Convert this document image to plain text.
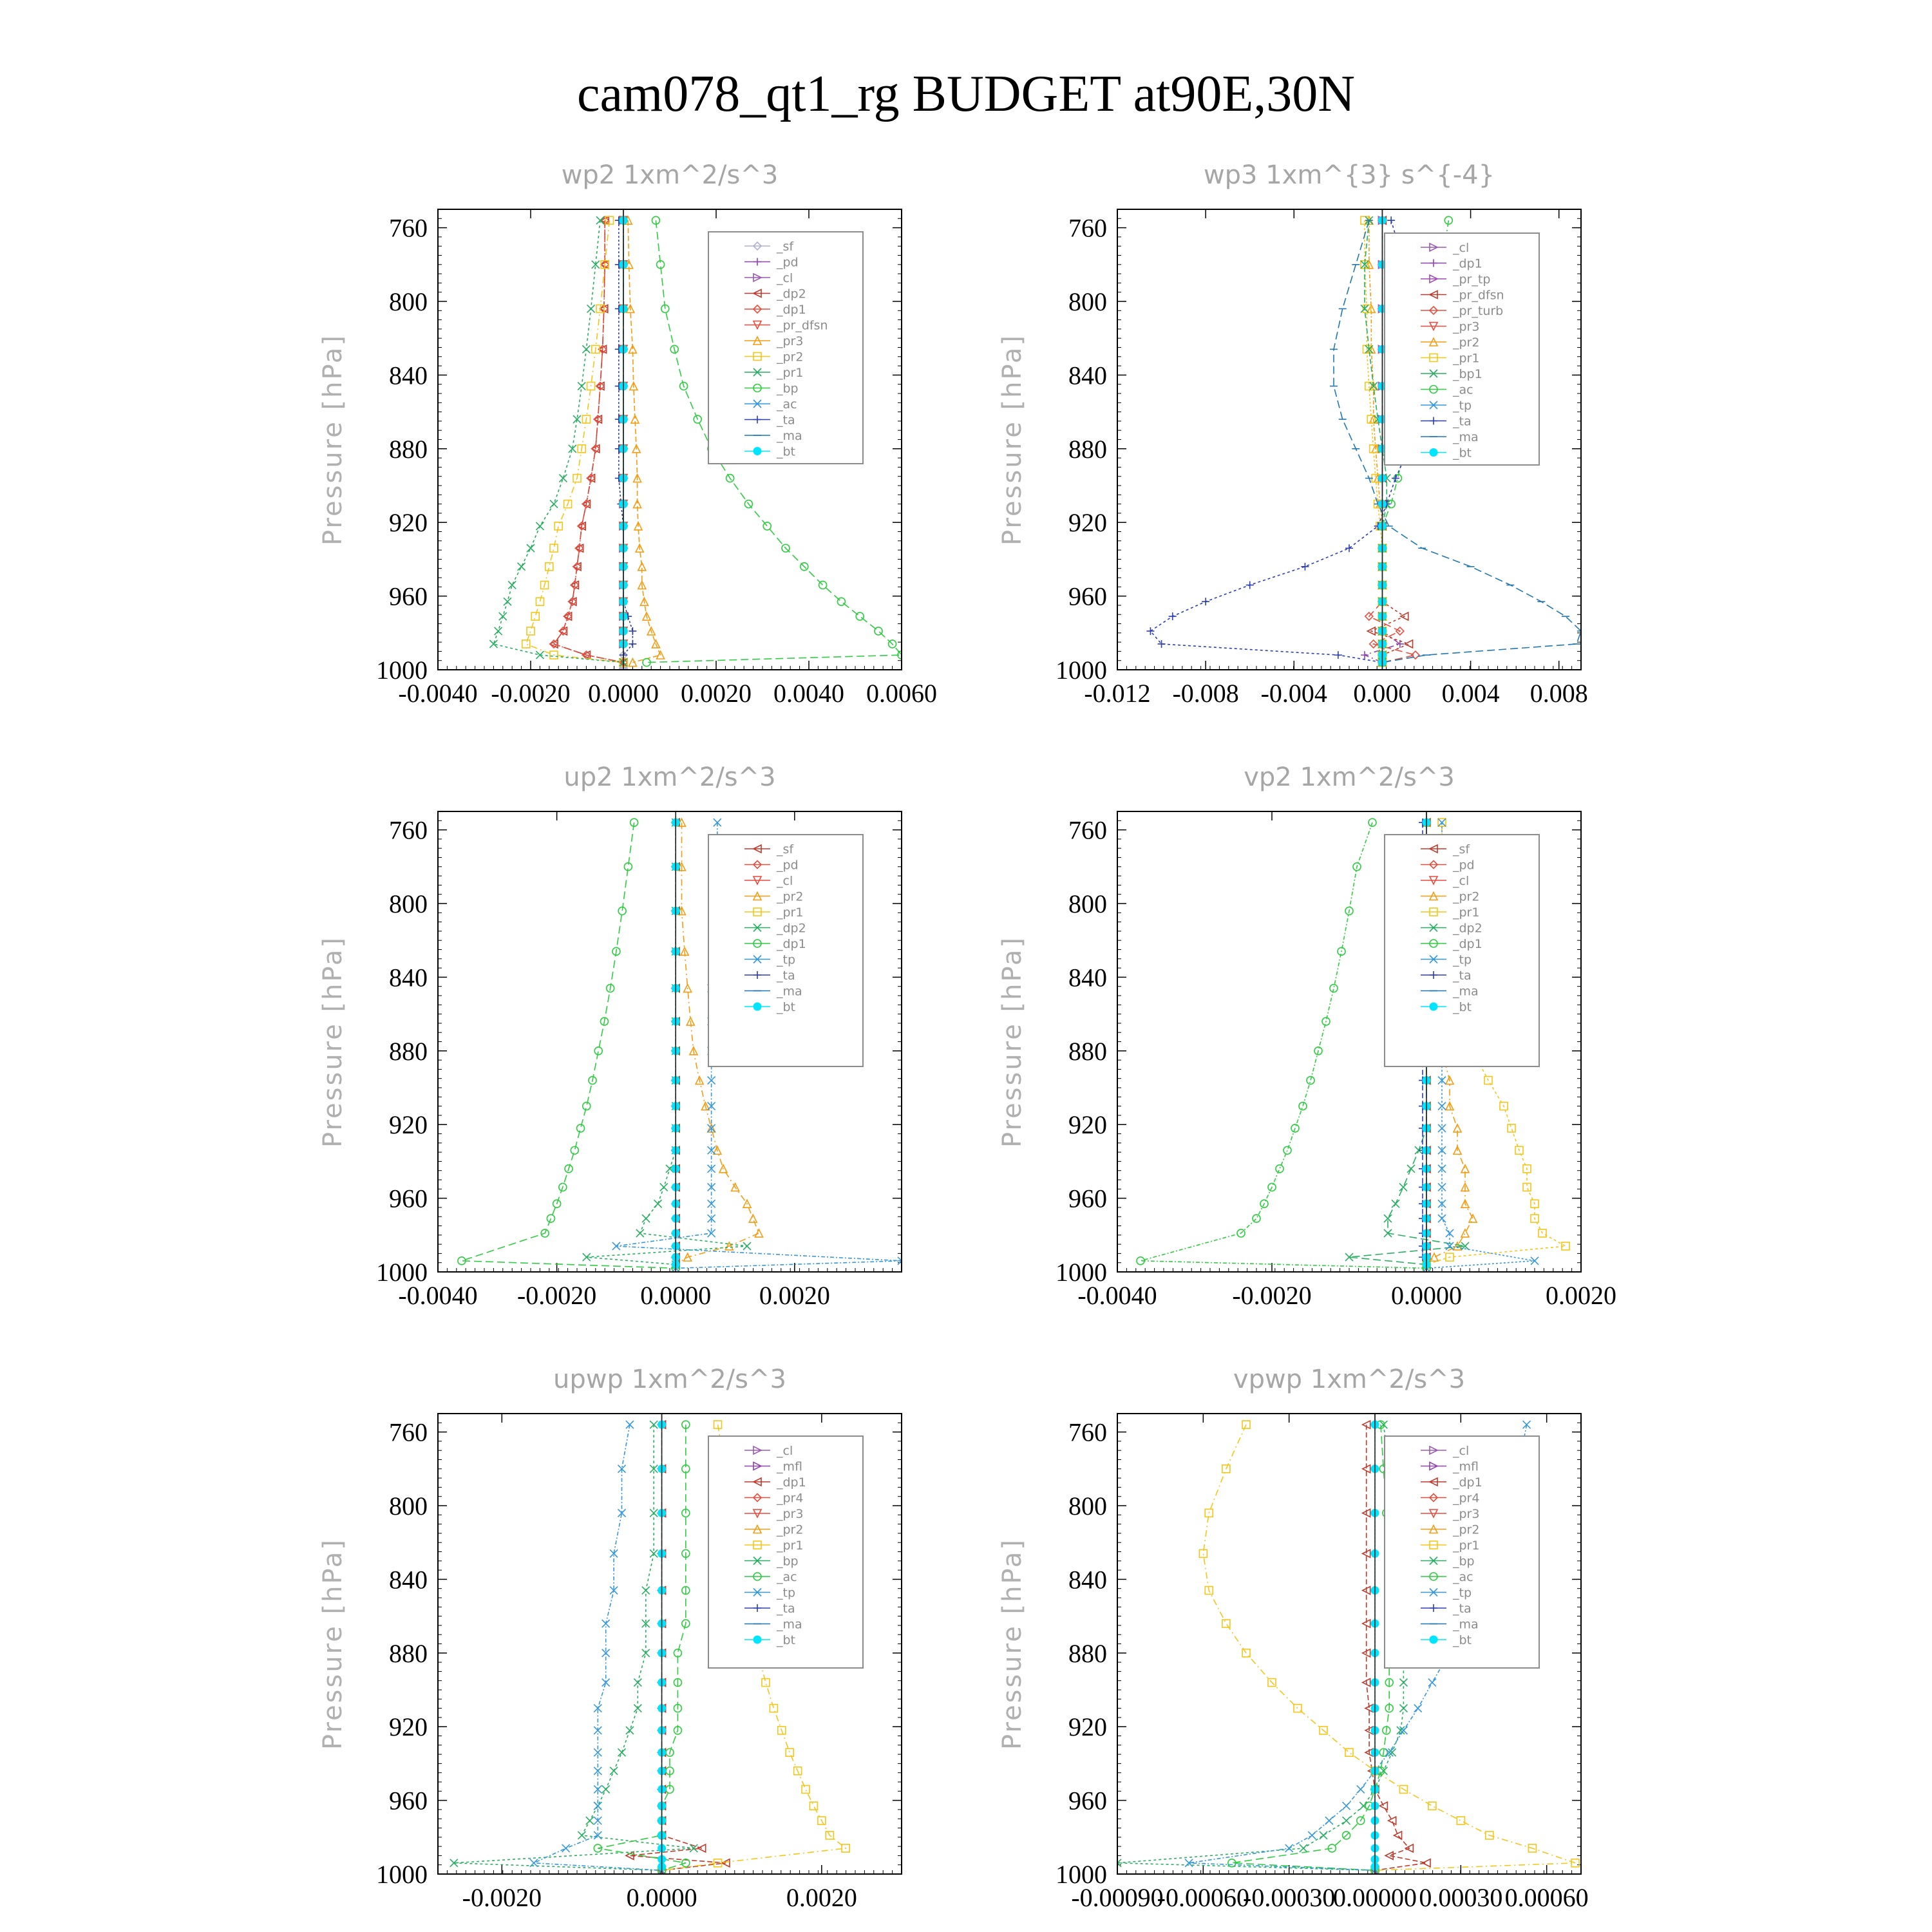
cam078_qt1_rg BUDGET at90E,30N
wp2 1xm^2/s^3
Pressure [hPa]
-0.0040 -0.0020 0.0000 0.0020 0.0040 0.0060
760
800
840
880
920
960
1000
_sf
_pd
_cl
_dp2
_dp1
_pr_dfsn
_pr3
_pr2
_pr1
_bp
_ac
_ta
_ma
_bt
wp3 1xm^{3} s^{-4}
Pressure [hPa]
-0.012 -0.008 -0.004 0.000 0.004 0.008
760
800
840
880
920
960
1000
_cl
_dp1
_pr_tp
_pr_dfsn
_pr_turb
_pr3
_pr2
_pr1
_bp1
_ac
_tp
_ta
_ma
_bt
up2 1xm^2/s^3
Pressure [hPa]
-0.0040 -0.0020 0.0000 0.0020
760
800
840
880
920
960
1000
_sf
_pd
_cl
_pr2
_pr1
_dp2
_dp1
_tp
_ta
_ma
_bt
vp2 1xm^2/s^3
Pressure [hPa]
-0.0040	-0.0020	0.0000	0.0020
760
800
840
880
920
960
1000
_sf
_pd
_cl
_pr2
_pr1
_dp2
_dp1
_tp
_ta
_ma
_bt
upwp 1xm^2/s^3
Pressure [hPa]
-0.0020	0.0000	0.0020
760
800
840
880
920
960
1000
_cl
_mfl
_dp1
_pr4
_pr3
_pr2
_pr1
_bp
_ac
_tp
_ta
_ma
_bt
vpwp 1xm^2/s^3
Pressure [hPa]
-0.00090
-0.00060
-0.00030
0.00000 0.00030 0.00060
760
800
840
880
920
960
1000
_cl
_mfl
_dp1
_pr4
_pr3
_pr2
_pr1
_bp
_ac
_tp
_ta
_ma
_bt
